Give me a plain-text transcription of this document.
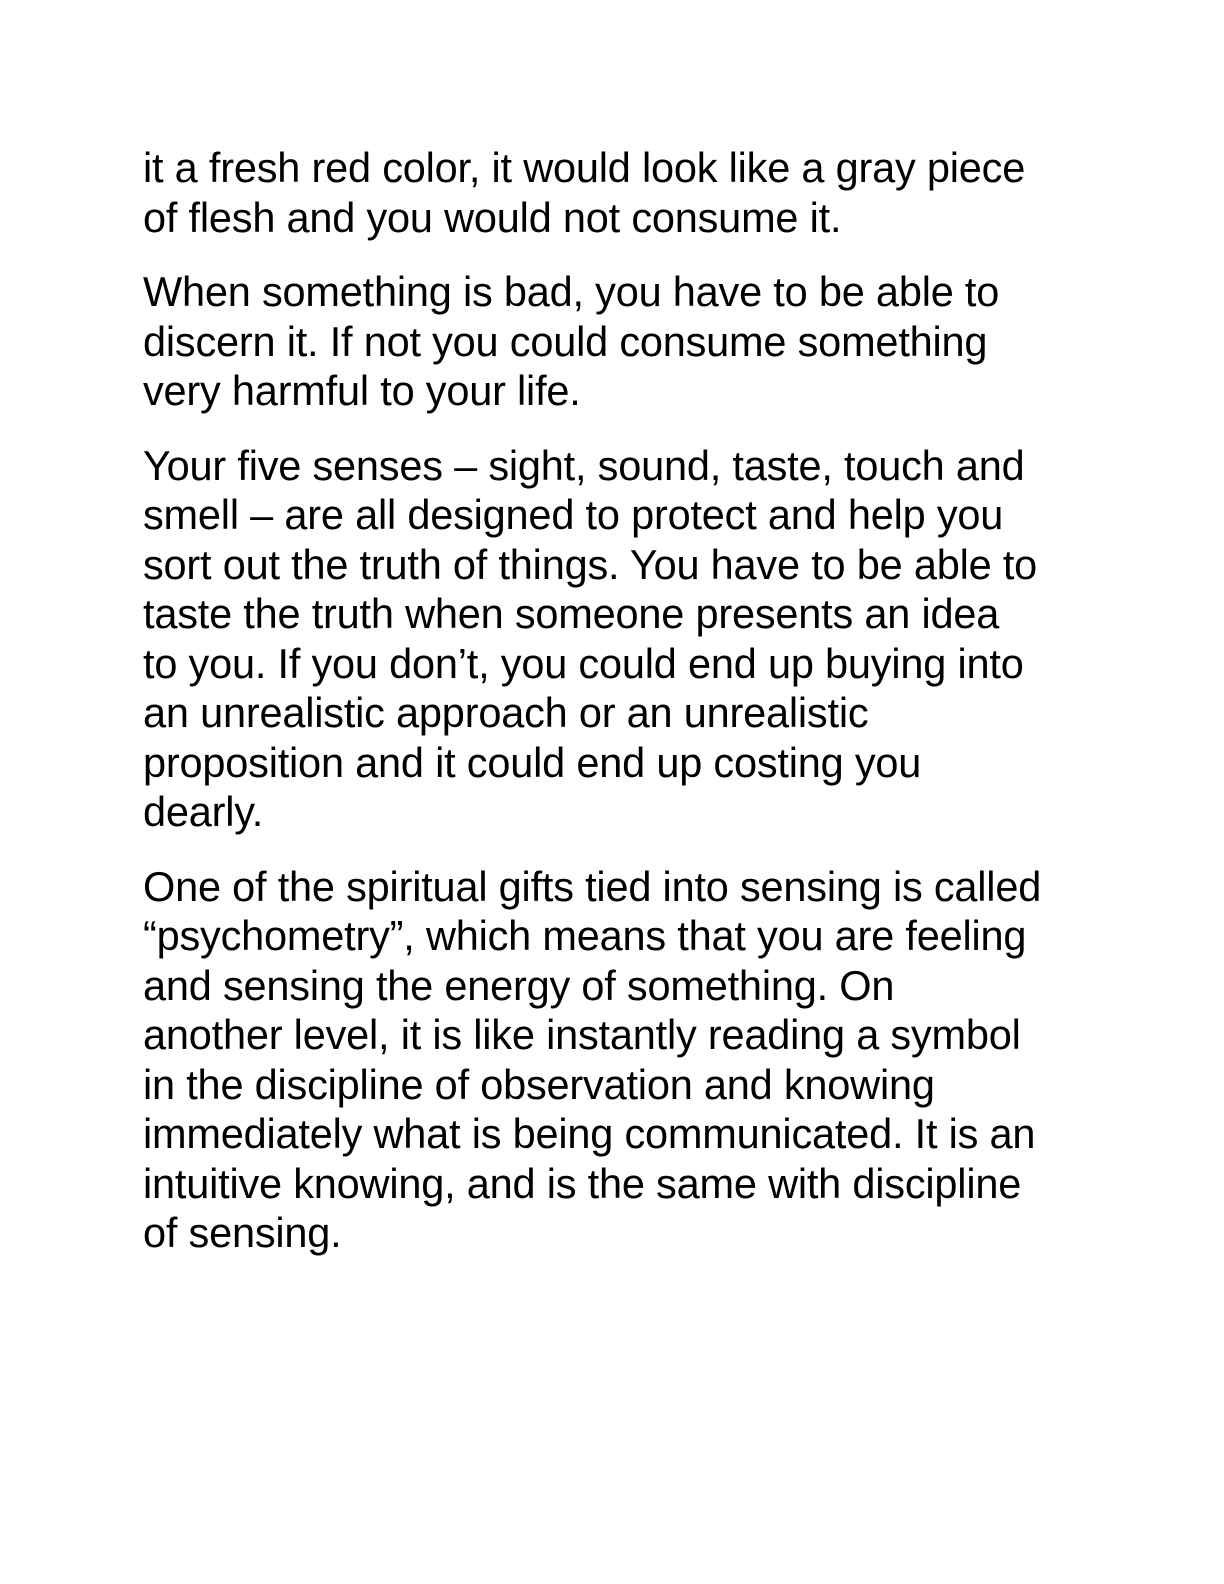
it a fresh red color, it would look like a gray piece
of flesh and you would not consume it.

When something is bad, you have to be able to
discern it. If not you could consume something
very harmful to your life.

Your five senses – sight, sound, taste, touch and
smell – are all designed to protect and help you
sort out the truth of things. You have to be able to
taste the truth when someone presents an idea
to you. If you don’t, you could end up buying into
an unrealistic approach or an unrealistic
proposition and it could end up costing you
dearly.

One of the spiritual gifts tied into sensing is called
“psychometry”, which means that you are feeling
and sensing the energy of something. On
another level, it is like instantly reading a symbol
in the discipline of observation and knowing
immediately what is being communicated. It is an
intuitive knowing, and is the same with discipline
of sensing.
